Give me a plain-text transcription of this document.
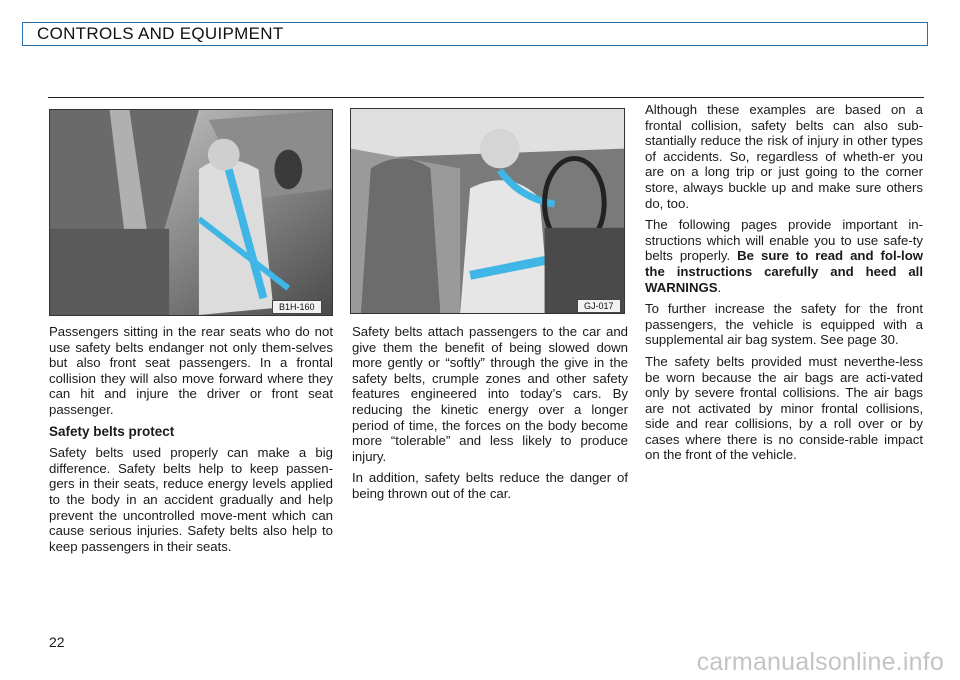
CONTROLS AND EQUIPMENT
B1H-160	GJ-017

Passengers sitting in the rear seats who do not use safety belts endanger not only them-selves but also front seat passengers. In a frontal collision they will also move forward where they can hit and injure the driver or front seat passenger.

Safety belts protect

Safety belts used properly can make a big difference. Safety belts help to keep passen-gers in their seats, reduce energy levels applied to the body in an accident gradually and help prevent the uncontrolled move-ment which can cause serious injuries. Safety belts also help to keep passengers in their seats.

Safety belts attach passengers to the car and give them the benefit of being slowed down more gently or “softly” through the give in the safety belts, crumple zones and other safety features engineered into today’s cars. By reducing the kinetic energy over a longer period of time, the forces on the body become more “tolerable” and less likely to produce injury.

In addition, safety belts reduce the danger of being thrown out of the car.

Although these examples are based on a frontal collision, safety belts can also sub-stantially reduce the risk of injury in other types of accidents. So, regardless of wheth-er you are on a long trip or just going to the corner store, always buckle up and make sure others do, too.

The following pages provide important in-structions which will enable you to use safe-ty belts properly. Be sure to read and fol-low the instructions carefully and heed all WARNINGS.

To further increase the safety for the front passengers, the vehicle is equipped with a supplemental air bag system. See page 30.

The safety belts provided must neverthe-less be worn because the air bags are acti-vated only by severe frontal collisions. The air bags are not activated by minor frontal collisions, side and rear collisions, by a roll over or by cases where there is no conside-rable impact on the front of the vehicle.

22
carmanualsonline.info
